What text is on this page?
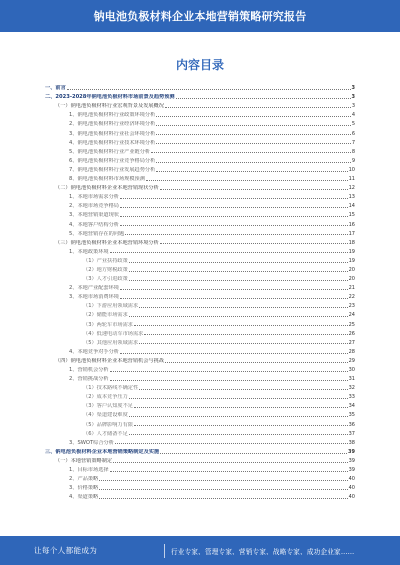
钠电池负极材料企业本地营销策略研究报告
内容目录
一、前言	3
二、2023-2028年钠电池负极材料市场前景及趋势预测	3
（一）钠电池负极材料行业宏观背景及发展概况	3
1、钠电池负极材料行业政策环境分析	4
2、钠电池负极材料行业经济环境分析	5
3、钠电池负极材料行业社会环境分析	6
4、钠电池负极材料行业技术环境分析	7
5、钠电池负极材料行业产业链分析	8
6、钠电池负极材料行业竞争格局分析	9
7、钠电池负极材料行业发展趋势分析	10
8、钠电池负极材料市场规模预测	11
（二）钠电池负极材料企业本地营销现状分析	12
1、本地市场需求分析	13
2、本地市场竞争格局	14
3、本地营销渠道现状	15
4、本地客户结构分析	16
5、本地营销存在的问题	17
（三）钠电池负极材料企业本地营销环境分析	18
1、本地政策环境	19
（1）产业扶持政策	19
（2）地方财税政策	20
（3）人才引进政策	20
2、本地产业配套环境	21
3、本地市场消费环境	22
（1）下游应用领域需求	23
（2）储能市场需求	24
（3）两轮车市场需求	25
（4）低速电动车市场需求	26
（5）其他应用领域需求	27
4、本地竞争对手分析	28
（四）钠电池负极材料企业本地营销机会与挑战	29
1、营销机会分析	30
2、营销挑战分析	31
（1）技术路线不确定性	32
（2）成本竞争压力	33
（3）客户认知度不足	34
（4）渠道建设难度	35
（5）品牌影响力有限	36
（6）人才储备不足	37
3、SWOT综合分析	38
三、钠电池负极材料企业本地营销策略制定及实施	39
（一）本地营销策略制定	39
1、目标市场选择	39
2、产品策略	40
3、价格策略	40
4、渠道策略	40
让每个人都能成为	行业专家、管理专家、营销专家、战略专家、成功企业家……
